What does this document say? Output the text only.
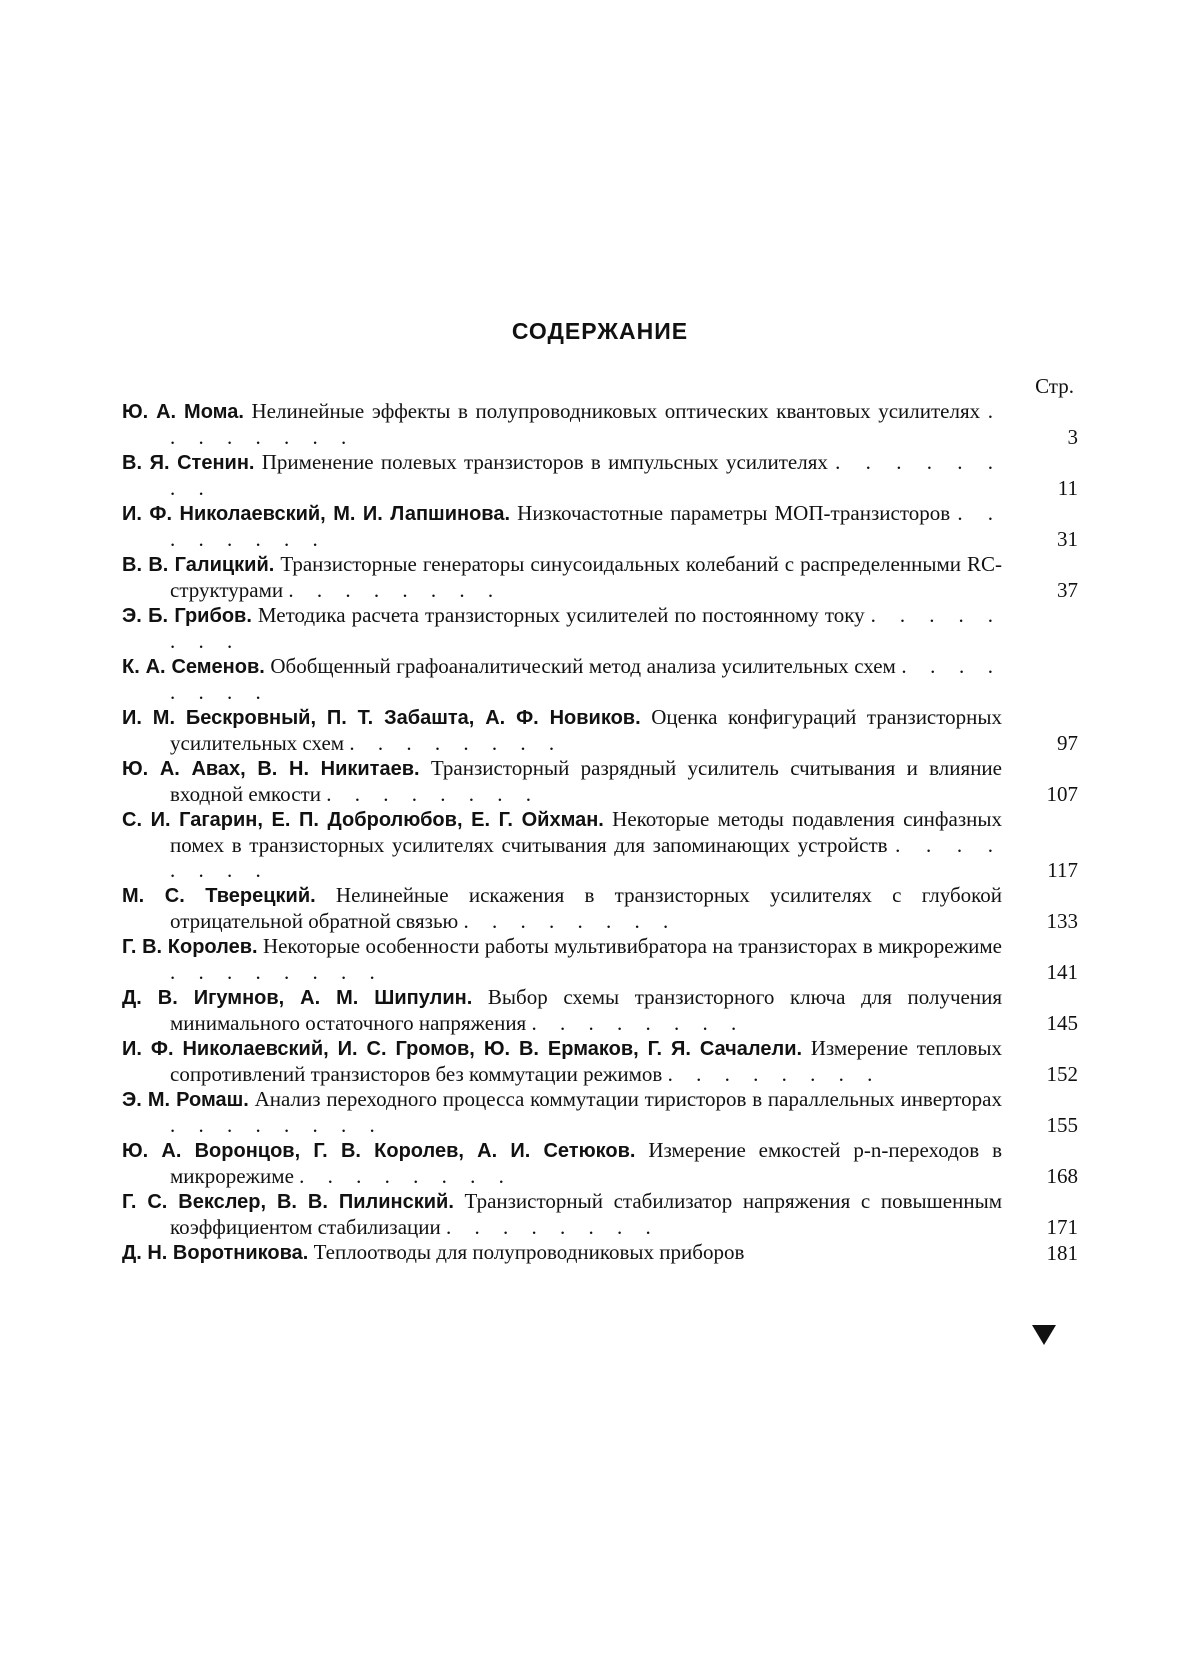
СОДЕРЖАНИЕ
Стр.
Ю. А. Мома. Нелинейные эффекты в полупроводниковых оптических квантовых усилителях . . . . . . . .	3
В. Я. Стенин. Применение полевых транзисторов в импульсных усилителях . . . . . . . .	11
И. Ф. Николаевский, М. И. Лапшинова. Низкочастотные параметры МОП-транзисторов . . . . . . . .	31
В. В. Галицкий. Транзисторные генераторы синусоидальных колебаний с распределенными RC-структурами . . . . . . . .	37
Э. Б. Грибов. Методика расчета транзисторных усилителей по постоянному току . . . . . . . .
К. А. Семенов. Обобщенный графоаналитический метод анализа усилительных схем . . . . . . . .
И. М. Бескровный, П. Т. Забашта, А. Ф. Новиков. Оценка конфигураций транзисторных усилительных схем . . . . . . . .	97
Ю. А. Авах, В. Н. Никитаев. Транзисторный разрядный усилитель считывания и влияние входной емкости . . . . . . . .	107
С. И. Гагарин, Е. П. Добролюбов, Е. Г. Ойхман. Некоторые методы подавления синфазных помех в транзисторных усилителях считывания для запоминающих устройств . . . . . . . .	117
М. С. Тверецкий. Нелинейные искажения в транзисторных усилителях с глубокой отрицательной обратной связью . . . . . . . .	133
Г. В. Королев. Некоторые особенности работы мультивибратора на транзисторах в микрорежиме . . . . . . . .	141
Д. В. Игумнов, А. М. Шипулин. Выбор схемы транзисторного ключа для получения минимального остаточного напряжения . . . . . . . .	145
И. Ф. Николаевский, И. С. Громов, Ю. В. Ермаков, Г. Я. Сачалели. Измерение тепловых сопротивлений транзисторов без коммутации режимов . . . . . . . .	152
Э. М. Ромаш. Анализ переходного процесса коммутации тиристоров в параллельных инверторах . . . . . . . .	155
Ю. А. Воронцов, Г. В. Королев, А. И. Сетюков. Измерение емкостей p-n-переходов в микрорежиме . . . . . . . .	168
Г. С. Векслер, В. В. Пилинский. Транзисторный стабилизатор напряжения с повышенным коэффициентом стабилизации . . . . . . . .	171
Д. Н. Воротникова. Теплоотводы для полупроводниковых приборов	181
